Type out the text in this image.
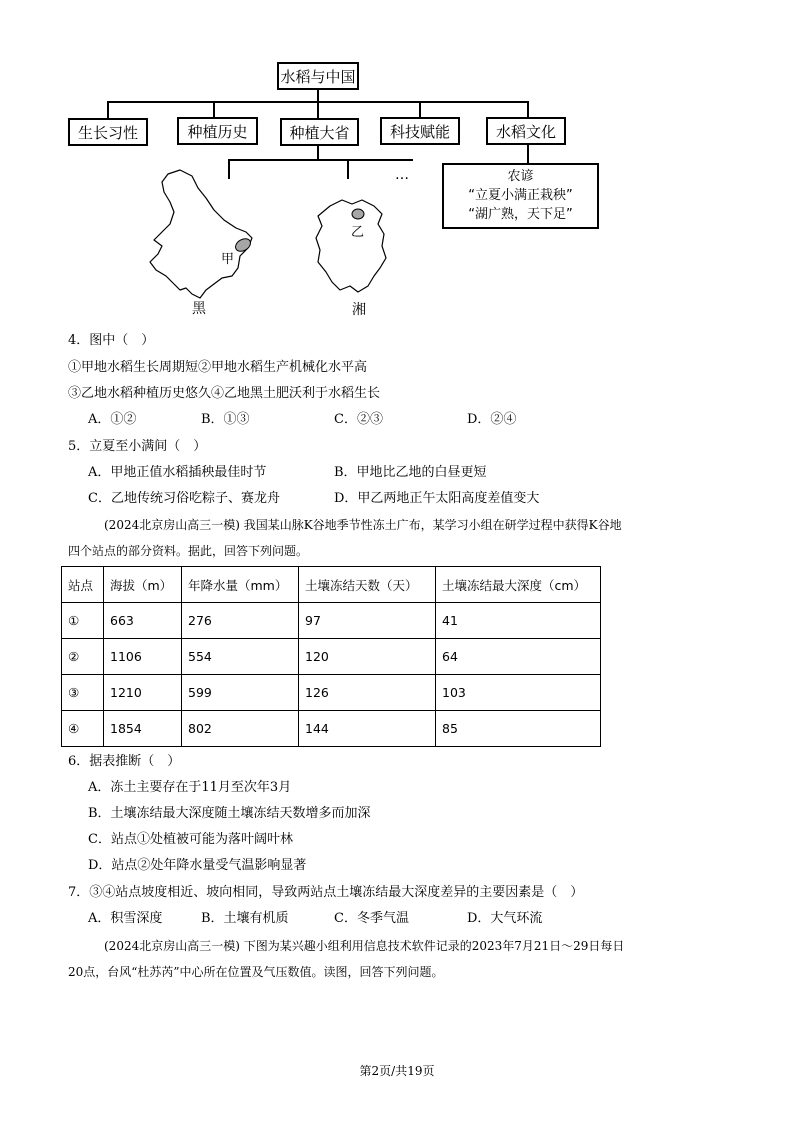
水稻与中国
生长习性	种植历史	种植大省	科技赋能	水稻文化
…	农谚
“立夏小满正栽秧”
“湖广熟，天下足”
甲
黑
乙
湘
4．图中（　）
①甲地水稻生长周期短②甲地水稻生产机械化水平高
③乙地水稻种植历史悠久④乙地黑土肥沃利于水稻生长
A．①②	B．①③	C．②③	D．②④
5．立夏至小满间（　）
A．甲地正值水稻插秧最佳时节	B．甲地比乙地的白昼更短
C．乙地传统习俗吃粽子、赛龙舟	D．甲乙两地正午太阳高度差值变大
(2024北京房山高三一模) 我国某山脉K谷地季节性冻土广布，某学习小组在研学过程中获得K谷地
四个站点的部分资料。据此，回答下列问题。
站点	海拔（m）	年降水量（mm）	土壤冻结天数（天）	土壤冻结最大深度（cm）
①	663	276	97	41
②	1106	554	120	64
③	1210	599	126	103
④	1854	802	144	85
6．据表推断（　）
A．冻土主要存在于11月至次年3月
B．土壤冻结最大深度随土壤冻结天数增多而加深
C．站点①处植被可能为落叶阔叶林
D．站点②处年降水量受气温影响显著
7．③④站点坡度相近、坡向相同，导致两站点土壤冻结最大深度差异的主要因素是（　）
A．积雪深度	B．土壤有机质	C．冬季气温	D．大气环流
(2024北京房山高三一模) 下图为某兴趣小组利用信息技术软件记录的2023年7月21日～29日每日
20点，台风“杜苏芮”中心所在位置及气压数值。读图，回答下列问题。
第2页/共19页
